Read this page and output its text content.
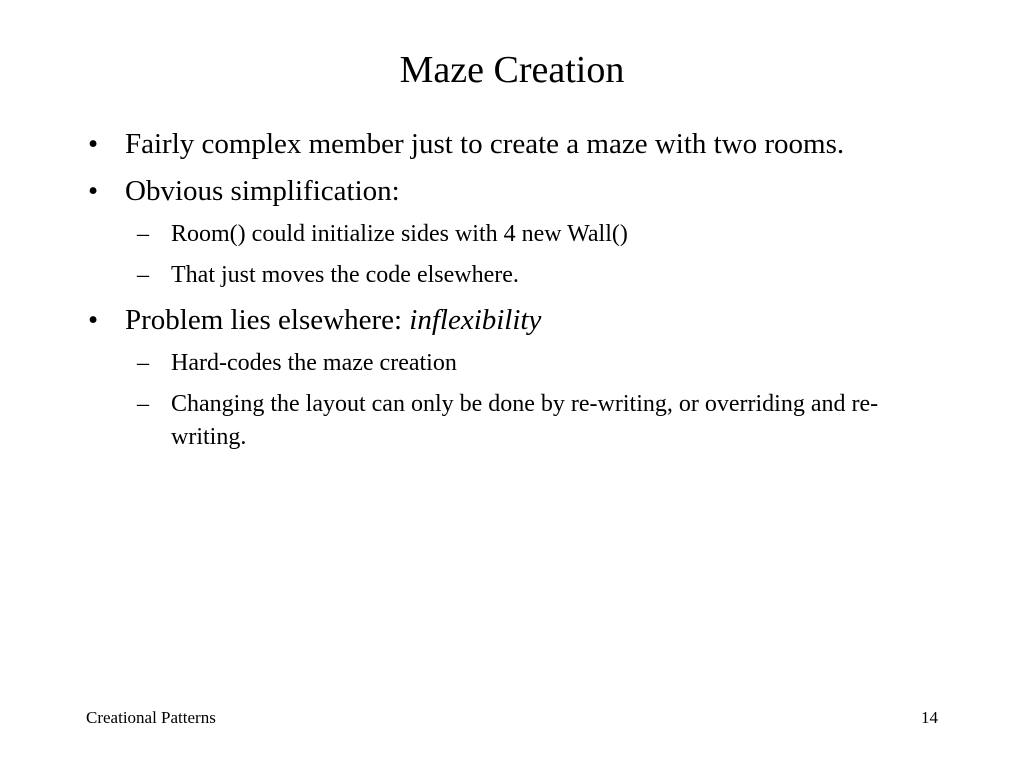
Maze Creation
• Fairly complex member just to create a maze with two rooms.
• Obvious simplification:
– Room() could initialize sides with 4 new Wall()
– That just moves the code elsewhere.
• Problem lies elsewhere: inflexibility
– Hard-codes the maze creation
– Changing the layout can only be done by re-writing, or overriding and re-writing.
Creational Patterns	14
